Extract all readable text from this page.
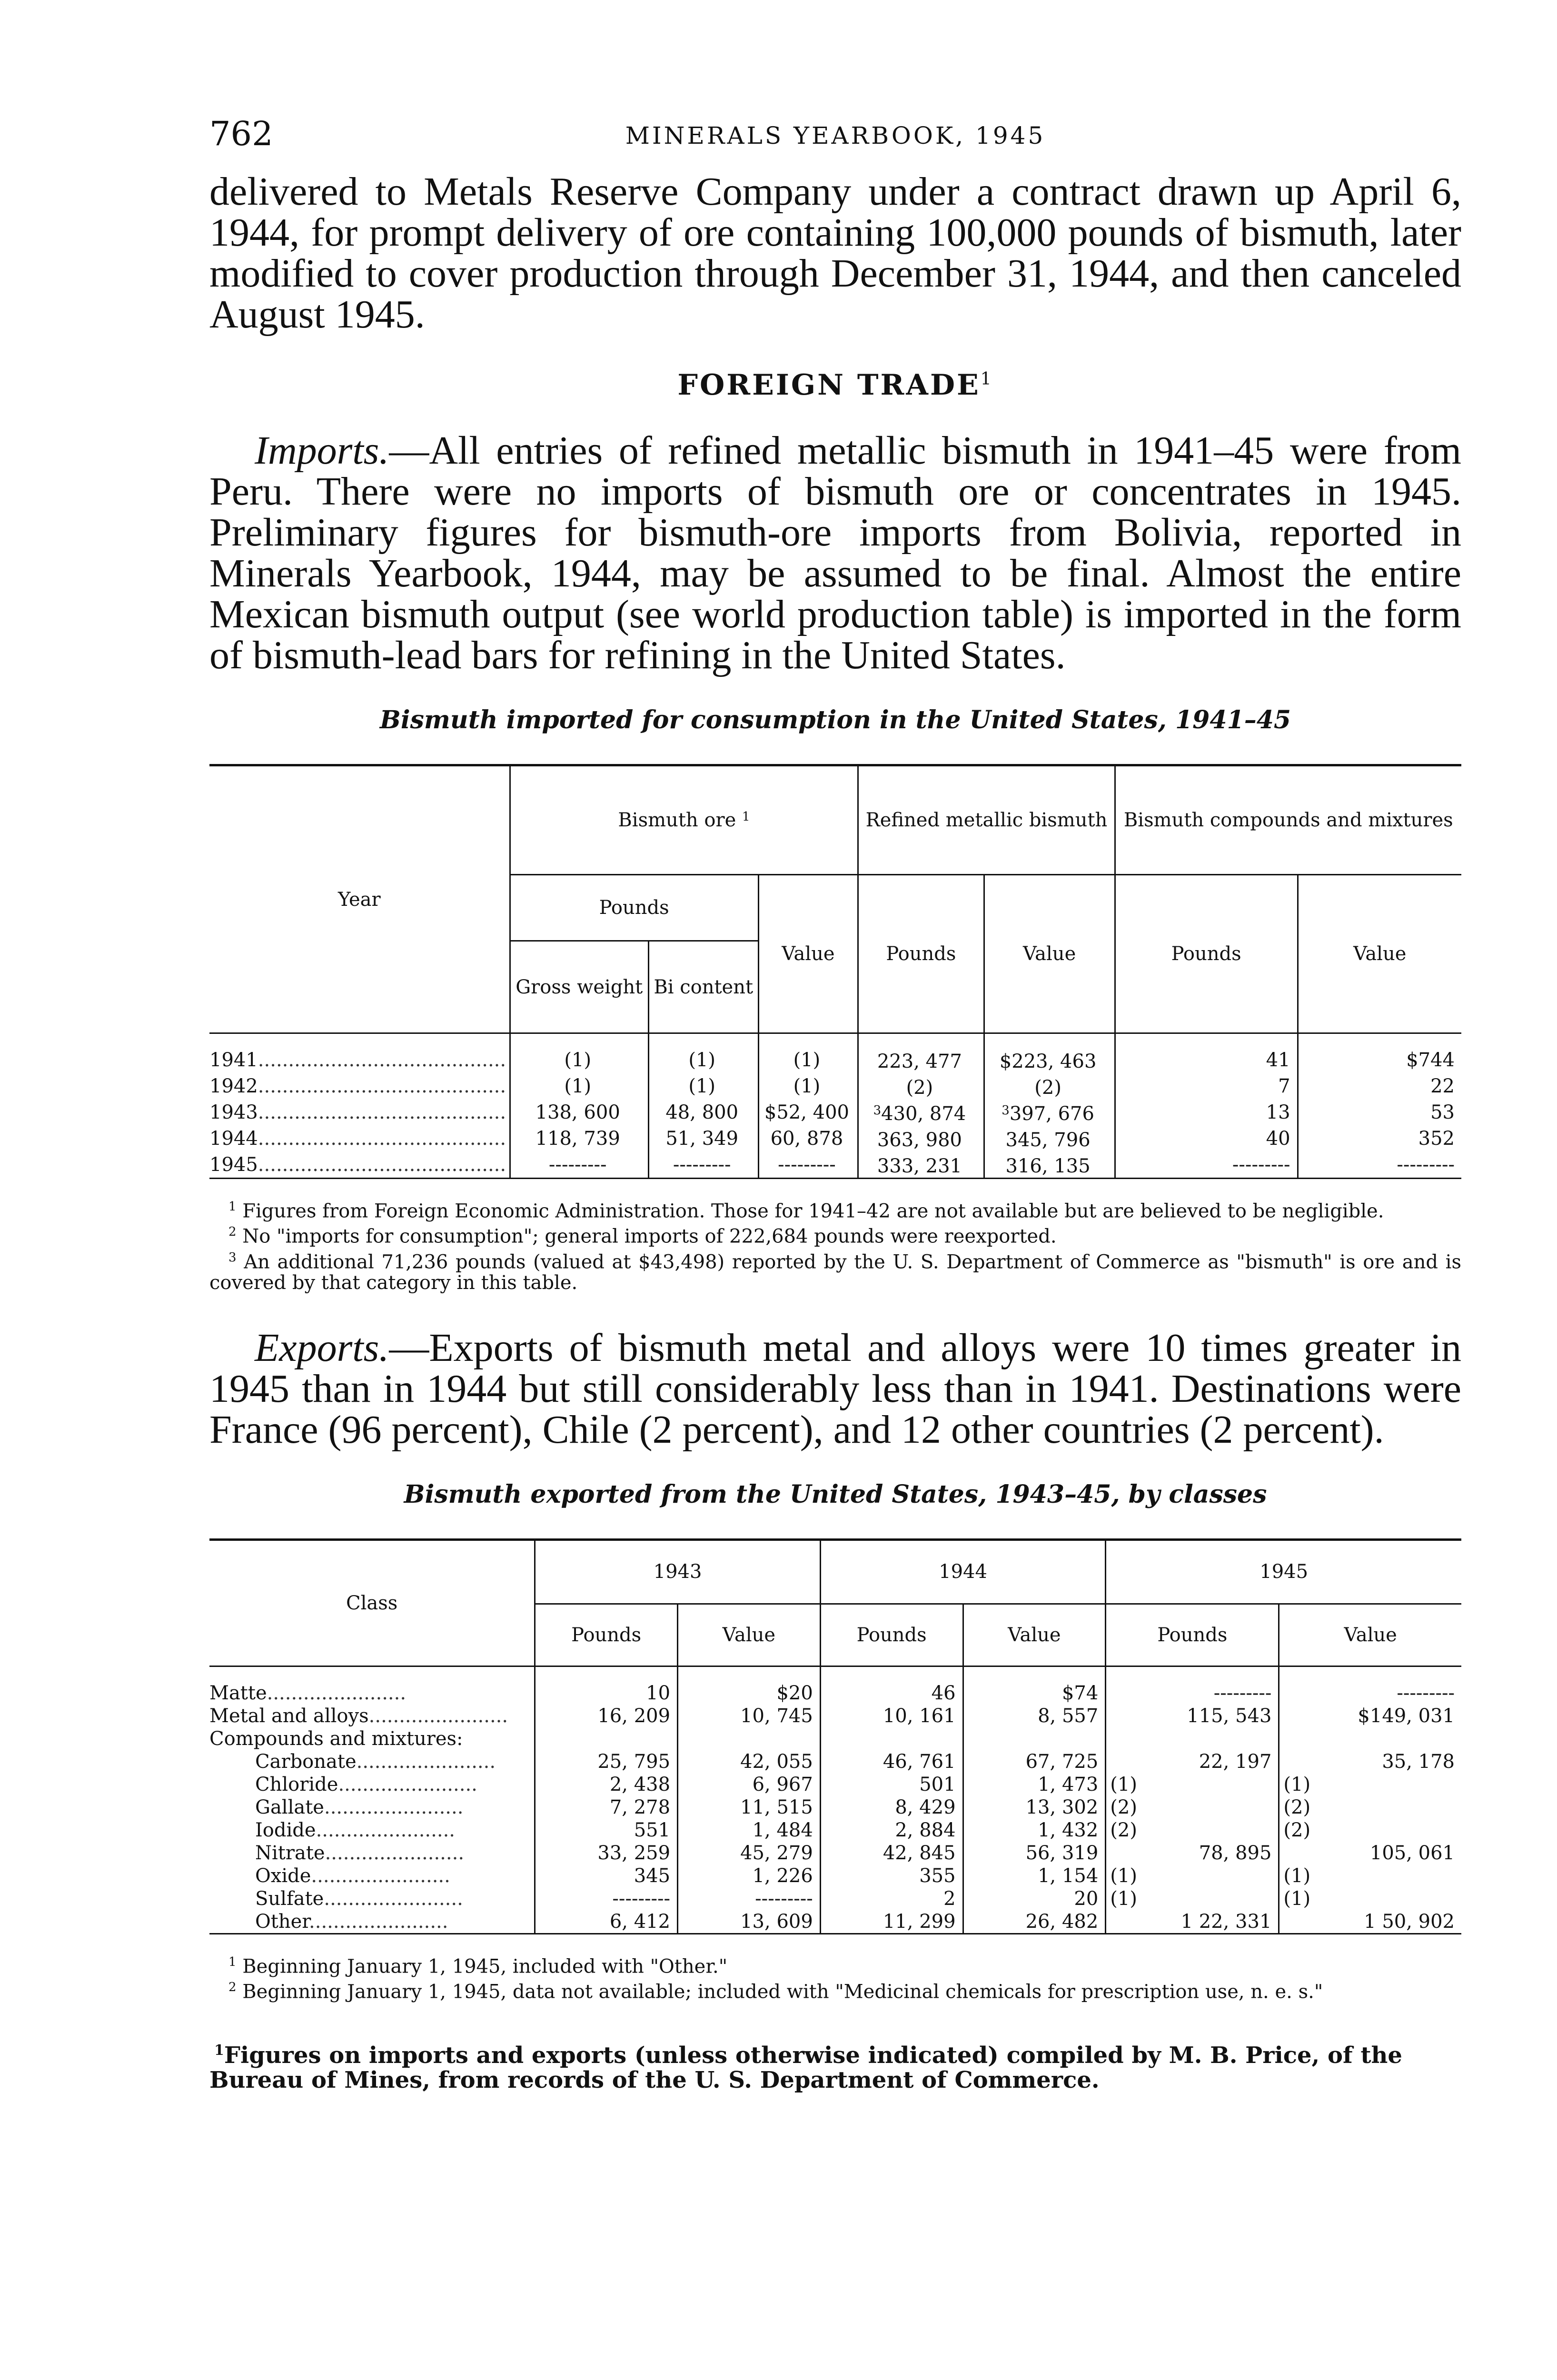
762	MINERALS YEARBOOK, 1945

delivered to Metals Reserve Company under a contract drawn up April 6, 1944, for prompt delivery of ore containing 100,000 pounds of bismuth, later modified to cover production through December 31, 1944, and then canceled August 1945.

FOREIGN TRADE$^1$

Imports.—All entries of refined metallic bismuth in 1941–45 were from Peru. There were no imports of bismuth ore or concentrates in 1945. Preliminary figures for bismuth-ore imports from Bolivia, reported in Minerals Yearbook, 1944, may be assumed to be final. Almost the entire Mexican bismuth output (see world production table) is imported in the form of bismuth-lead bars for refining in the United States.

Bismuth imported for consumption in the United States, 1941–45
Year	Bismuth ore $^1$			Refined metallic bismuth		Bismuth compounds and mixtures	
	Pounds		Value	Pounds	Value	Pounds	Value
	Gross weight	Bi content					
1941.........................................	(1)	(1)	(1)	223, 477	$223, 463	41	$744
1942.........................................	(1)	(1)	(1)	(2)	(2)	7	22
1943.........................................	138, 600	48, 800	$52, 400	$^3$430, 874	$^3$397, 676	13	53
1944.........................................	118, 739	51, 349	60, 878	363, 980	345, 796	40	352
1945.........................................	---------	---------	---------	333, 231	316, 135	---------	---------

$^1$ Figures from Foreign Economic Administration. Those for 1941–42 are not available but are believed to be negligible.

$^2$ No "imports for consumption"; general imports of 222,684 pounds were reexported.

$^3$ An additional 71,236 pounds (valued at $43,498) reported by the U. S. Department of Commerce as "bismuth" is ore and is covered by that category in this table.

Exports.—Exports of bismuth metal and alloys were 10 times greater in 1945 than in 1944 but still considerably less than in 1941. Destinations were France (96 percent), Chile (2 percent), and 12 other countries (2 percent).

Bismuth exported from the United States, 1943–45, by classes
Class	1943		1944		1945	
	Pounds	Value	Pounds	Value	Pounds	Value
Matte.......................	10	$20	46	$74	---------	---------
Metal and alloys.......................	16, 209	10, 745	10, 161	8, 557	115, 543	$149, 031
Compounds and mixtures:						
Carbonate.......................	25, 795	42, 055	46, 761	67, 725	22, 197	35, 178
Chloride.......................	2, 438	6, 967	501	1, 473	(1)	(1)
Gallate.......................	7, 278	11, 515	8, 429	13, 302	(2)	(2)
Iodide.......................	551	1, 484	2, 884	1, 432	(2)	(2)
Nitrate.......................	33, 259	45, 279	42, 845	56, 319	78, 895	105, 061
Oxide.......................	345	1, 226	355	1, 154	(1)	(1)
Sulfate.......................	---------	---------	2	20	(1)	(1)
Other.......................	6, 412	13, 609	11, 299	26, 482	1 22, 331	1 50, 902

$^1$ Beginning January 1, 1945, included with "Other."

$^2$ Beginning January 1, 1945, data not available; included with "Medicinal chemicals for prescription use, n. e. s."

$^1$Figures on imports and exports (unless otherwise indicated) compiled by M. B. Price, of the Bureau of Mines, from records of the U. S. Department of Commerce.
